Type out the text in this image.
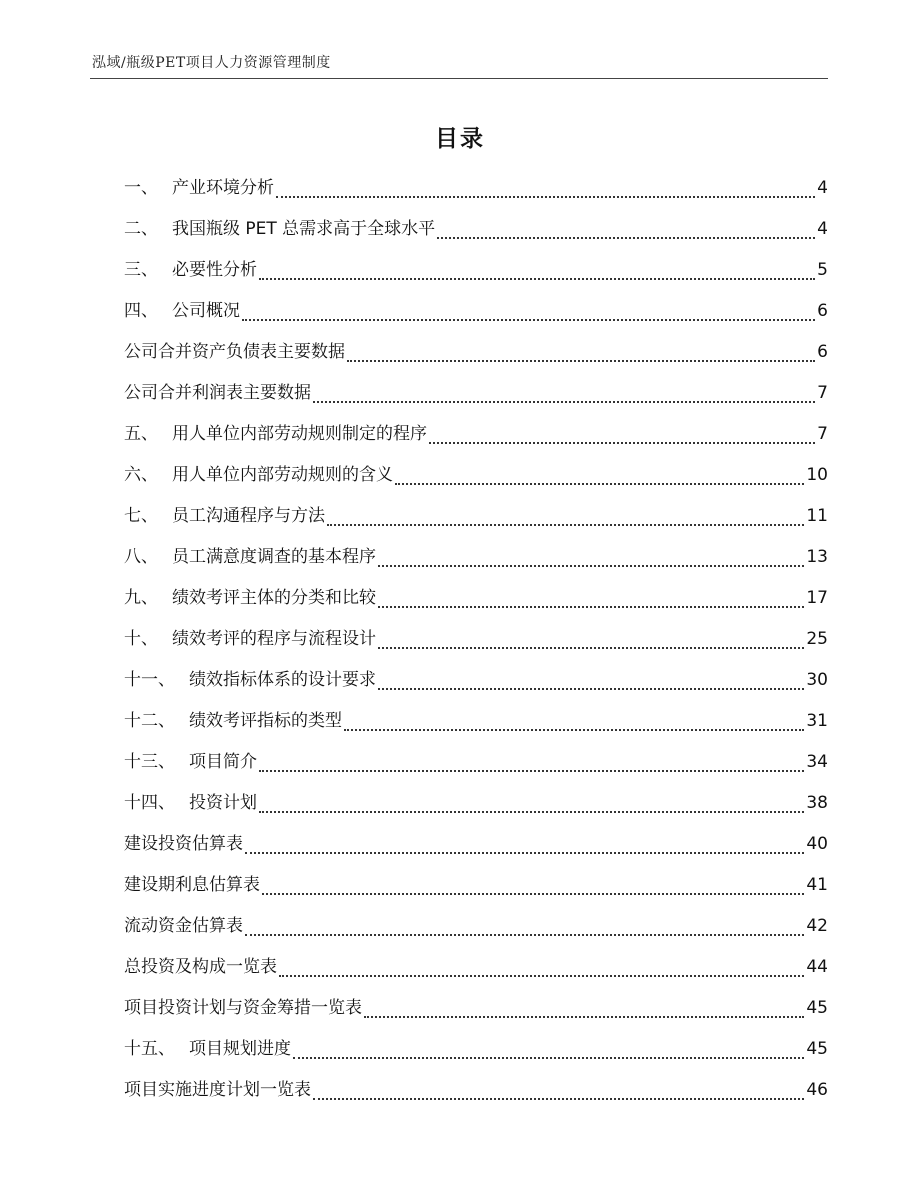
泓域/瓶级PET项目人力资源管理制度
目录
一、 产业环境分析	4
二、 我国瓶级 PET 总需求高于全球水平	4
三、 必要性分析	5
四、 公司概况	6
公司合并资产负债表主要数据	6
公司合并利润表主要数据	7
五、 用人单位内部劳动规则制定的程序	7
六、 用人单位内部劳动规则的含义	10
七、 员工沟通程序与方法	11
八、 员工满意度调查的基本程序	13
九、 绩效考评主体的分类和比较	17
十、 绩效考评的程序与流程设计	25
十一、 绩效指标体系的设计要求	30
十二、 绩效考评指标的类型	31
十三、 项目简介	34
十四、 投资计划	38
建设投资估算表	40
建设期利息估算表	41
流动资金估算表	42
总投资及构成一览表	44
项目投资计划与资金筹措一览表	45
十五、 项目规划进度	45
项目实施进度计划一览表	46
